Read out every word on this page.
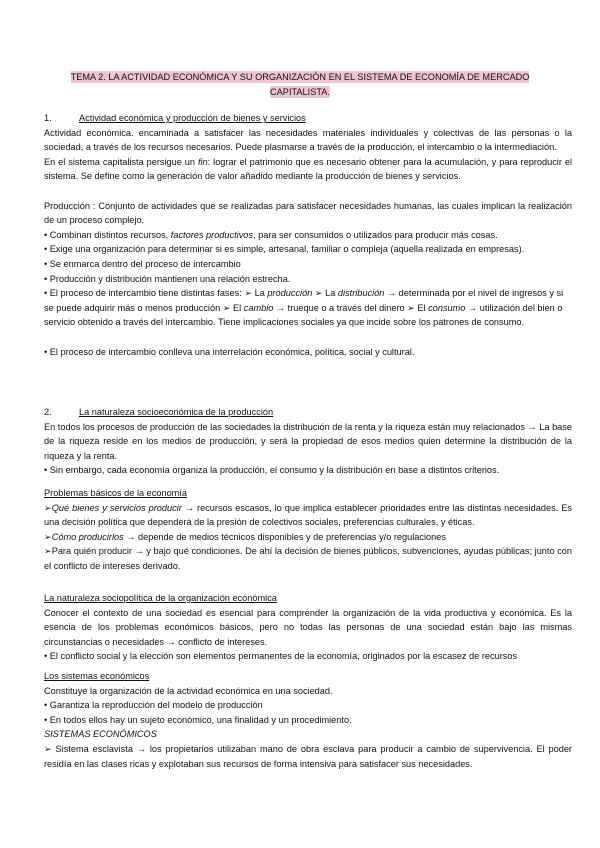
TEMA 2. LA ACTIVIDAD ECONÓMICA Y SU ORGANIZACIÓN EN EL SISTEMA DE ECONOMÍA DE MERCADO
CAPITALISTA.
1.	Actividad económica y producción de bienes y servicios

Actividad económica. encaminada a satisfacer las necesidades materiales individuales y colectivas de las personas o la sociedad, a través de los recursos necesarios. Puede plasmarse a través de la producción, el intercambio o la intermediación.

En el sistema capitalista persigue un fin: lograr el patrimonio que es necesario obtener para la acumulación, y para reproducir el sistema. Se define como la generación de valor añadido mediante la producción de bienes y servicios.

Producción : Conjunto de actividades que se realizadas para satisfacer necesidades humanas, las cuales implican la realización de un proceso complejo.

• Combinan distintos recursos, factores productivos, para ser consumidos o utilizados para producir más cosas.

• Exige una organización para determinar si es simple, artesanal, familiar o compleja (aquella realizada en empresas).

• Se enmarca dentro del proceso de intercambio

• Producción y distribución mantienen una relación estrecha.

• El proceso de intercambio tiene distintas fases: ➢ La producción ➢ La distribución → determinada por el nivel de ingresos y si se puede adquirir más o menos producción ➢ El cambio → trueque o a través del dinero ➢ El consumo → utilización del bien o servicio obtenido a través del intercambio. Tiene implicaciones sociales ya que incide sobre los patrones de consumo.

• El proceso de intercambio conlleva una interrelación económica, política, social y cultural.

2.	La naturaleza socioeconómica de la producción

En todos los procesos de producción de las sociedades la distribución de la renta y la riqueza están muy relacionados → La base de la riqueza reside en los medios de producción, y será la propiedad de esos medios quien determine la distribución de la riqueza y la renta.

• Sin embargo, cada economía organiza la producción, el consumo y la distribución en base a distintos criterios.

Problemas básicos de la economía

➢Qué bienes y servicios producir → recursos escasos, lo que implica establecer prioridades entre las distintas necesidades. Es una decisión política que dependerá de la presión de colectivos sociales, preferencias culturales, y éticas.

➢Cómo producirlos → depende de medios técnicos disponibles y de preferencias y/o regulaciones

➢Para quién producir → y bajo qué condiciones. De ahí la decisión de bienes públicos, subvenciones, ayudas públicas; junto con el conflicto de intereses derivado.

La naturaleza sociopolítica de la organización económica

Conocer el contexto de una sociedad es esencial para comprender la organización de la vida productiva y económica. Es la esencia de los problemas económicos básicos, pero no todas las personas de una sociedad están bajo las mismas circunstancias o necesidades → conflicto de intereses.

• El conflicto social y la elección son elementos permanentes de la economía, originados por la escasez de recursos

Los sistemas económicos

Constituye la organización de la actividad económica en una sociedad.

• Garantiza la reproducción del modelo de producción

• En todos ellos hay un sujeto económico, una finalidad y un procedimiento.

SISTEMAS ECONÓMICOS

➢ Sistema esclavista → los propietarios utilizaban mano de obra esclava para producir a cambio de supervivencia. El poder residía en las clases ricas y explotaban sus recursos de forma intensiva para satisfacer sus necesidades.
